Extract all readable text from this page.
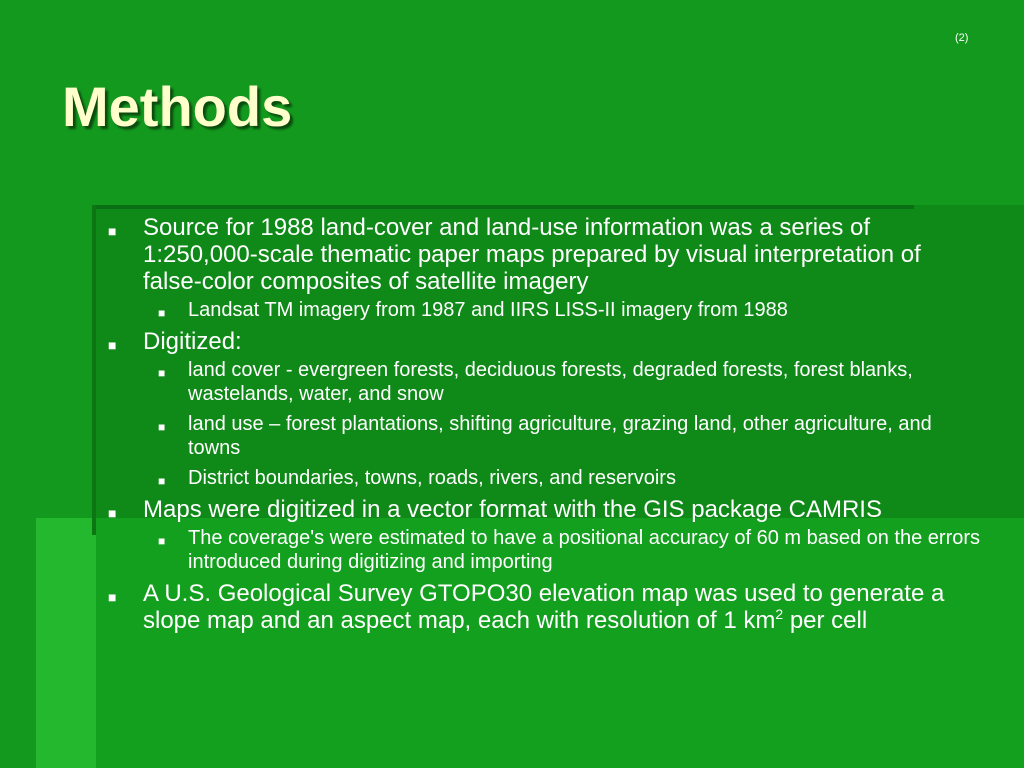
(2)
Methods
■ Source for 1988 land-cover and land-use information was a series of 1:250,000-scale thematic paper maps prepared by visual interpretation of false-color composites of satellite imagery
■ Landsat TM imagery from 1987 and IIRS LISS-II imagery from 1988
■ Digitized:
■ land cover - evergreen forests, deciduous forests, degraded forests, forest blanks, wastelands, water, and snow
■ land use – forest plantations, shifting agriculture, grazing land, other agriculture, and towns
■ District boundaries, towns, roads, rivers, and reservoirs
■ Maps were digitized in a vector format with the GIS package CAMRIS
■ The coverage's were estimated to have a positional accuracy of 60 m based on the errors introduced during digitizing and importing
■ A U.S. Geological Survey GTOPO30 elevation map was used to generate a slope map and an aspect map, each with resolution of 1 $km^2$ per cell
